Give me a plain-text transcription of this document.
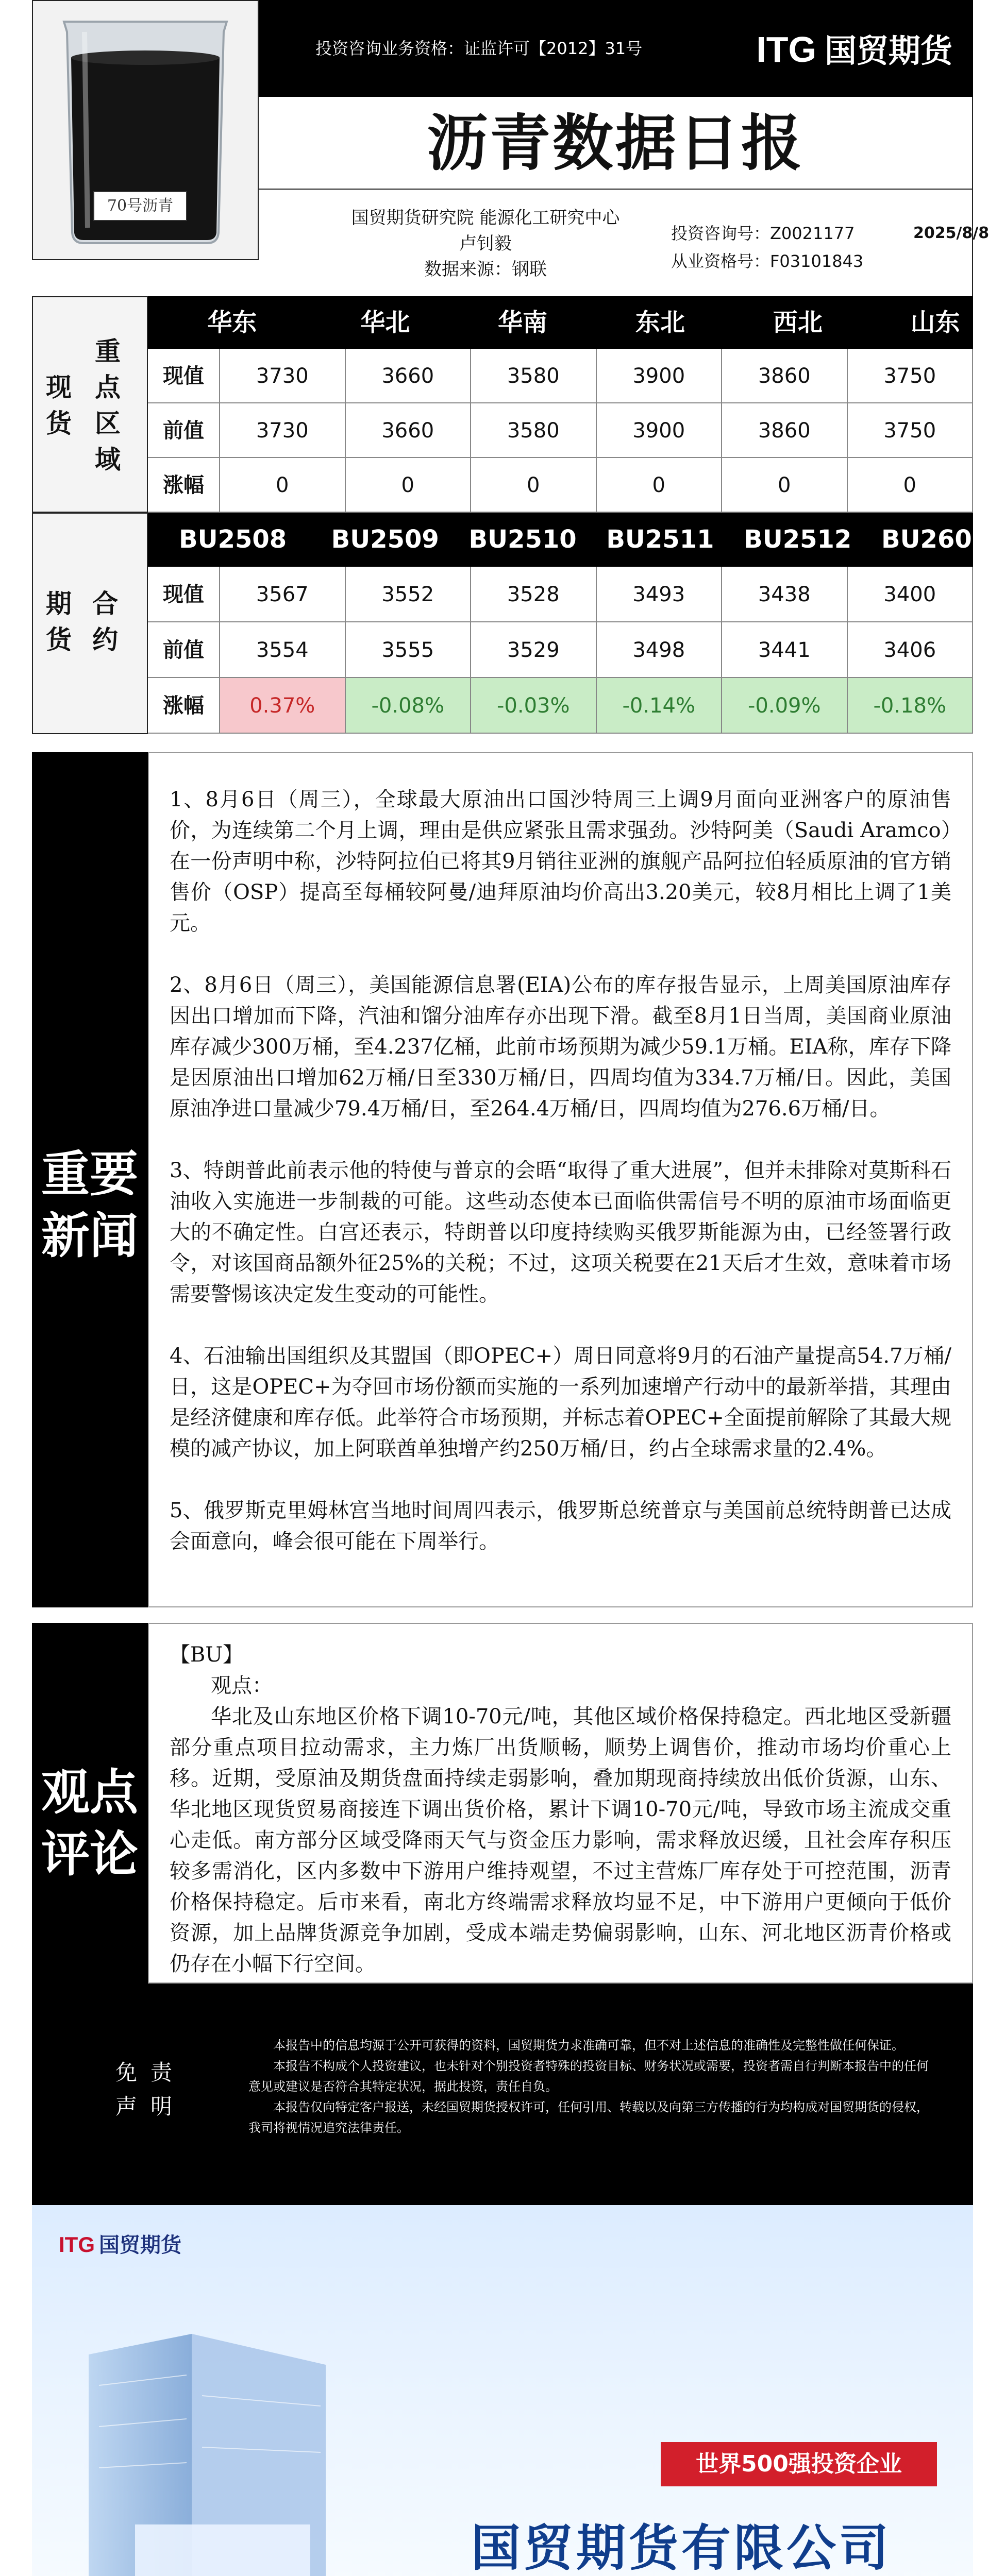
70号沥青
投资咨询业务资格：证监许可【2012】31号	ITG 国贸期货
沥青数据日报
国贸期货研究院 能源化工研究中心
卢钊毅
数据来源：钢联
投资咨询号：Z0021177
从业资格号：F03101843
2025/8/8
现货
重点区域
华东	华北	华南	东北	西北	山东
现值	3730	3660	3580	3900	3860	3750
前值	3730	3660	3580	3900	3860	3750
涨幅	0	0	0	0	0	0
期货
合约
BU2508	BU2509	BU2510	BU2511	BU2512	BU2601
现值	3567	3552	3528	3493	3438	3400
前值	3554	3555	3529	3498	3441	3406
涨幅	0.37%	-0.08%	-0.03%	-0.14%	-0.09%	-0.18%
重要新闻

1、8月6日（周三），全球最大原油出口国沙特周三上调9月面向亚洲客户的原油售价，为连续第二个月上调，理由是供应紧张且需求强劲。沙特阿美（Saudi Aramco）在一份声明中称，沙特阿拉伯已将其9月销往亚洲的旗舰产品阿拉伯轻质原油的官方销售价（OSP）提高至每桶较阿曼/迪拜原油均价高出3.20美元，较8月相比上调了1美元。

2、8月6日（周三），美国能源信息署(EIA)公布的库存报告显示，上周美国原油库存因出口增加而下降，汽油和馏分油库存亦出现下滑。截至8月1日当周，美国商业原油库存减少300万桶，至4.237亿桶，此前市场预期为减少59.1万桶。EIA称，库存下降是因原油出口增加62万桶/日至330万桶/日，四周均值为334.7万桶/日。因此，美国原油净进口量减少79.4万桶/日，至264.4万桶/日，四周均值为276.6万桶/日。

3、特朗普此前表示他的特使与普京的会晤“取得了重大进展”，但并未排除对莫斯科石油收入实施进一步制裁的可能。这些动态使本已面临供需信号不明的原油市场面临更大的不确定性。白宫还表示，特朗普以印度持续购买俄罗斯能源为由，已经签署行政令，对该国商品额外征25%的关税；不过，这项关税要在21天后才生效，意味着市场需要警惕该决定发生变动的可能性。

4、石油输出国组织及其盟国（即OPEC+）周日同意将9月的石油产量提高54.7万桶/日，这是OPEC+为夺回市场份额而实施的一系列加速增产行动中的最新举措，其理由是经济健康和库存低。此举符合市场预期，并标志着OPEC+全面提前解除了其最大规模的减产协议，加上阿联酋单独增产约250万桶/日，约占全球需求量的2.4%。

5、俄罗斯克里姆林宫当地时间周四表示，俄罗斯总统普京与美国前总统特朗普已达成会面意向，峰会很可能在下周举行。

观点评论
【BU】
观点：
华北及山东地区价格下调10-70元/吨，其他区域价格保持稳定。西北地区受新疆部分重点项目拉动需求，主力炼厂出货顺畅，顺势上调售价，推动市场均价重心上移。近期，受原油及期货盘面持续走弱影响，叠加期现商持续放出低价货源，山东、华北地区现货贸易商接连下调出货价格，累计下调10-70元/吨，导致市场主流成交重心走低。南方部分区域受降雨天气与资金压力影响，需求释放迟缓，且社会库存积压较多需消化，区内多数中下游用户维持观望，不过主营炼厂库存处于可控范围，沥青价格保持稳定。后市来看，南北方终端需求释放均显不足，中下游用户更倾向于低价资源，加上品牌货源竞争加剧，受成本端走势偏弱影响，山东、河北地区沥青价格或仍存在小幅下行空间。
免责声明

本报告中的信息均源于公开可获得的资料，国贸期货力求准确可靠，但不对上述信息的准确性及完整性做任何保证。

本报告不构成个人投资建议，也未针对个别投资者特殊的投资目标、财务状况或需要，投资者需自行判断本报告中的任何意见或建议是否符合其特定状况，据此投资，责任自负。

本报告仅向特定客户报送，未经国贸期货授权许可，任何引用、转载以及向第三方传播的行为均构成对国贸期货的侵权，我司将视情况追究法律责任。

ITG 国贸期货
世界500强投资企业
国贸期货有限公司
